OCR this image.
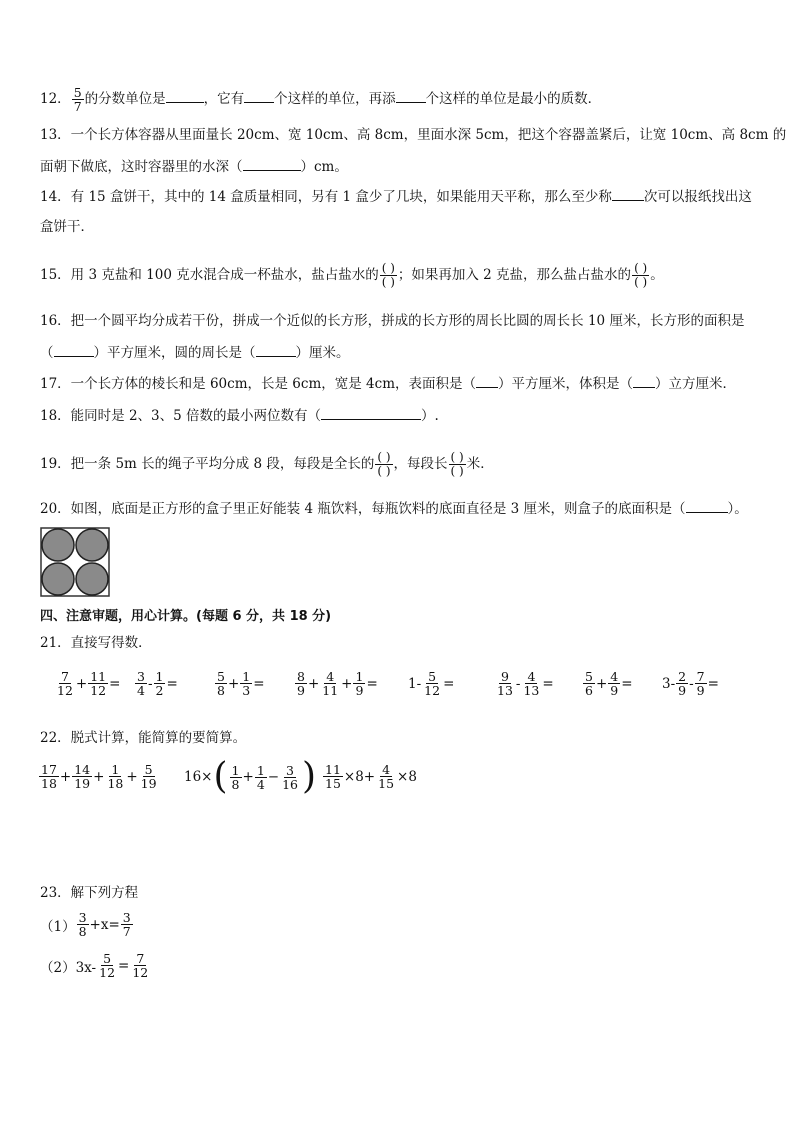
12． $\frac{5}{7}$ 的分数单位是	，它有 个这样的单位，再添 个这样的单位是最小的质数．
13．一个长方体容器从里面量长 20cm、宽 10cm、高 8cm，里面水深 5cm，把这个容器盖紧后，让宽 10cm、高 8cm 的
面朝下做底，这时容器里的水深（	）cm。
14．有 15 盒饼干，其中的 14 盒质量相同，另有 1 盒少了几块，如果能用天平称，那么至少称 次可以报纸找出这
盒饼干．
15．用 3 克盐和 100 克水混合成一杯盐水，盐占盐水的 $\frac{( )}{( )}$ ；如果再加入 2 克盐，那么盐占盐水的 $\frac{( )}{( )}$ 。
16．把一个圆平均分成若干份，拼成一个近似的长方形，拼成的长方形的周长比圆的周长长 10 厘米，长方形的面积是
（	）平方厘米，圆的周长是（	）厘米。
17．一个长方体的棱长和是 60cm，长是 6cm，宽是 4cm，表面积是（ ）平方厘米，体积是（ ）立方厘米．
18．能同时是 2、3、5 倍数的最小两位数有（	）.
19．把一条 5m 长的绳子平均分成 8 段，每段是全长的 $\frac{( )}{( )}$ ，每段长 $\frac{( )}{( )}$ 米．
20．如图，底面是正方形的盒子里正好能装 4 瓶饮料，每瓶饮料的底面直径是 3 厘米，则盒子的底面积是（	）。
四、注意审题，用心计算。(每题 6 分，共 18 分)
21．直接写得数．
$\frac{7}{12} + \frac{11}{12} = \frac{3}{4} - \frac{1}{2}$ =	$\frac{5}{8} + \frac{1}{3} = \frac{8}{9} + \frac{4}{11} + \frac{1}{9} = 1- \frac{5}{12}$ =	$\frac{9}{13} - \frac{4}{13} = \frac{5}{6} + \frac{4}{9} = 3- \frac{2}{9} - \frac{7}{9}$ =
22．脱式计算，能简算的要简算。
$\frac{17}{18} + \frac{14}{19} + \frac{1}{18} + \frac{5}{19} 16\times$ ( $\frac{1}{8} + \frac{1}{4} - \frac{3}{16}$ ) $\frac{11}{15} \times 8+ \frac{4}{15} \times 8$
23．解下列方程
$(1) \frac{3}{8} +x= \frac{3}{7}$
$(2)3x- \frac{5}{12} = \frac{7}{12}$
